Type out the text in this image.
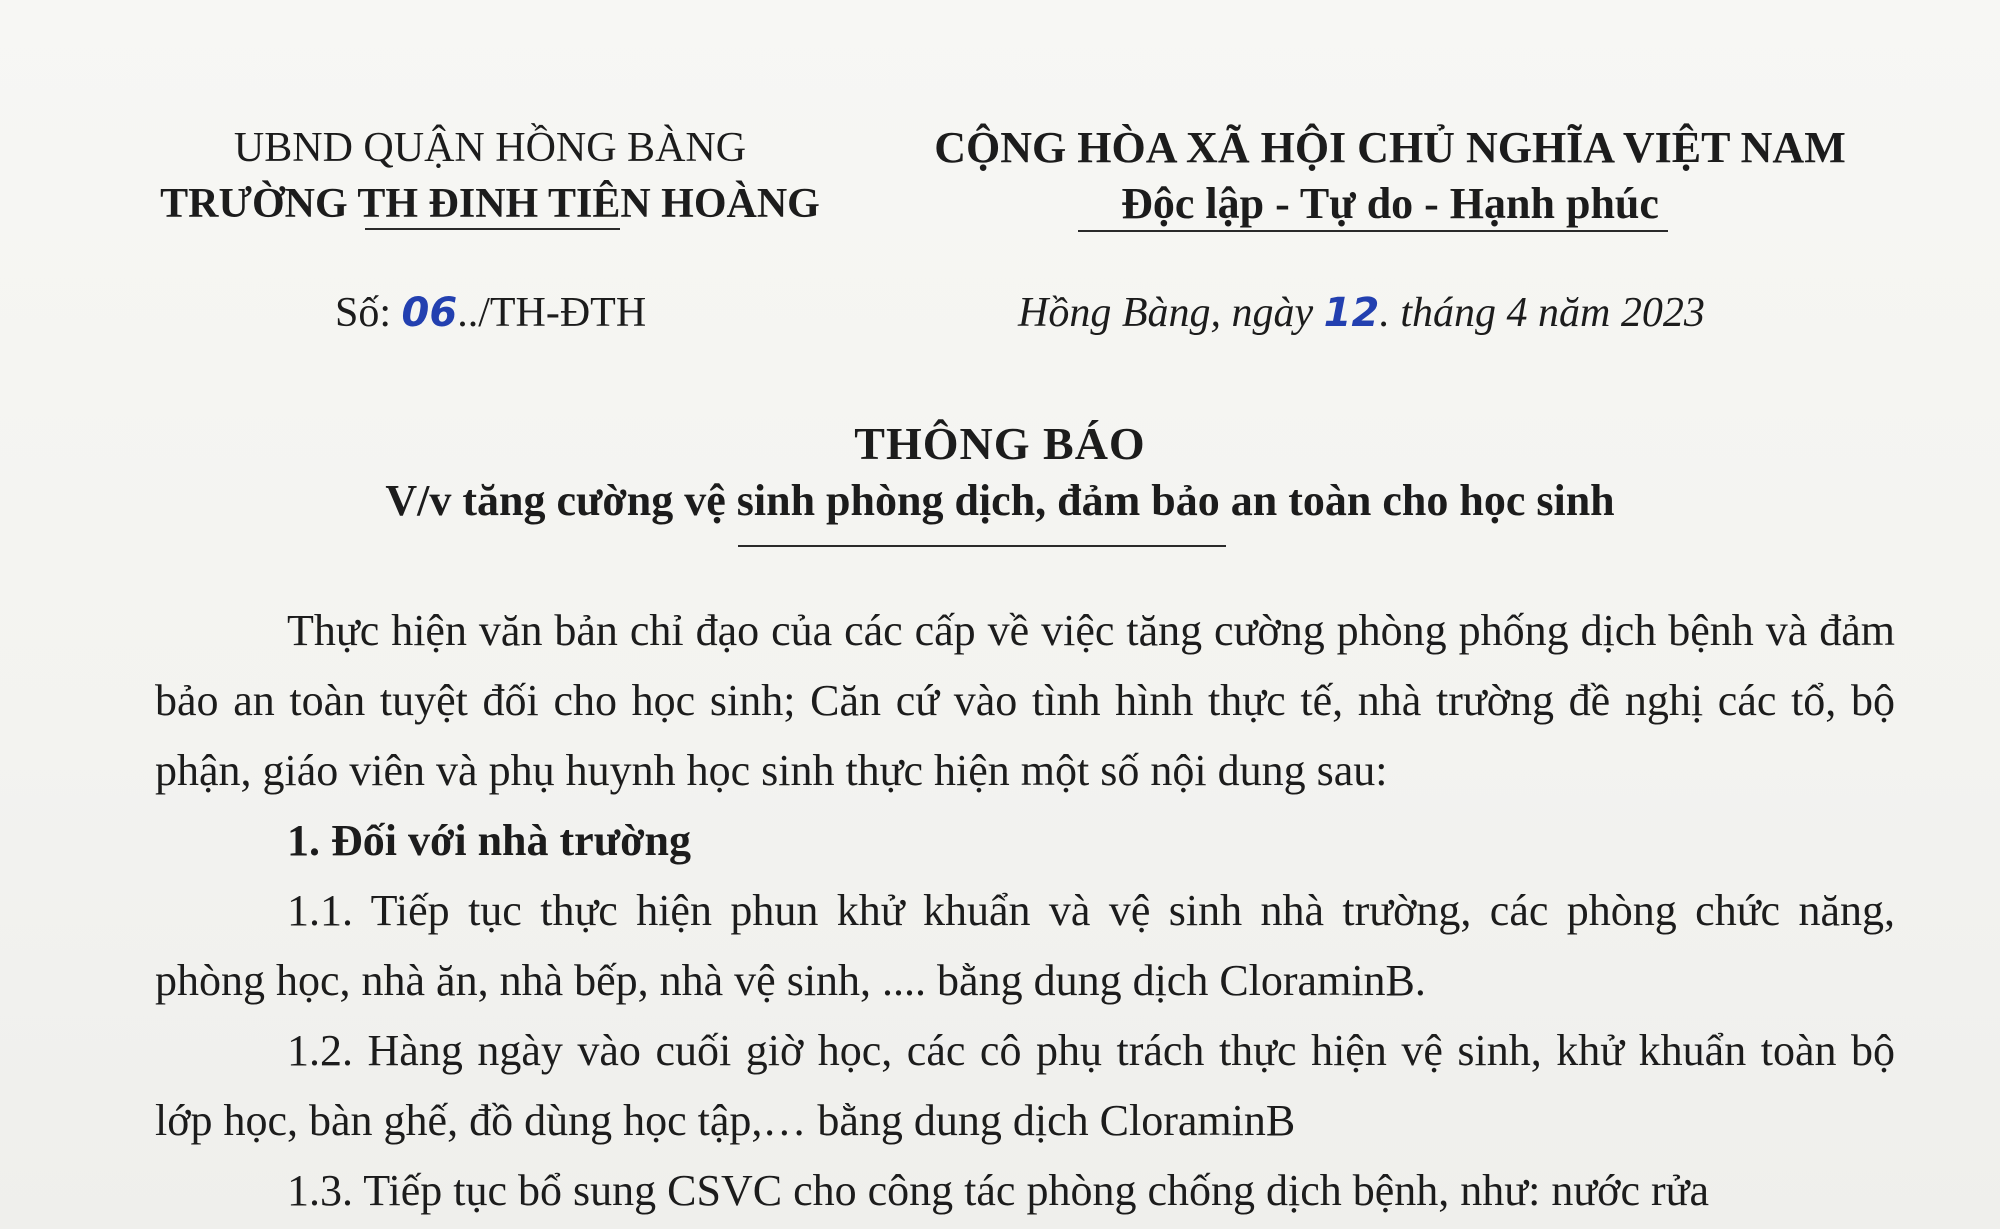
UBND QUẬN HỒNG BÀNG
TRƯỜNG TH ĐINH TIÊN HOÀNG
CỘNG HÒA XÃ HỘI CHỦ NGHĨA VIỆT NAM
Độc lập - Tự do - Hạnh phúc
Số: 06../TH-ĐTH	Hồng Bàng, ngày 12. tháng 4 năm 2023
THÔNG BÁO
V/v tăng cường vệ sinh phòng dịch, đảm bảo an toàn cho học sinh

Thực hiện văn bản chỉ đạo của các cấp về việc tăng cường phòng phống dịch bệnh và đảm bảo an toàn tuyệt đối cho học sinh; Căn cứ vào tình hình thực tế, nhà trường đề nghị các tổ, bộ phận, giáo viên và phụ huynh học sinh thực hiện một số nội dung sau:

1. Đối với nhà trường

1.1. Tiếp tục thực hiện phun khử khuẩn và vệ sinh nhà trường, các phòng chức năng, phòng học, nhà ăn, nhà bếp, nhà vệ sinh, .... bằng dung dịch CloraminB.

1.2. Hàng ngày vào cuối giờ học, các cô phụ trách thực hiện vệ sinh, khử khuẩn toàn bộ lớp học, bàn ghế, đồ dùng học tập,… bằng dung dịch CloraminB

1.3. Tiếp tục bổ sung CSVC cho công tác phòng chống dịch bệnh, như: nước rửa
